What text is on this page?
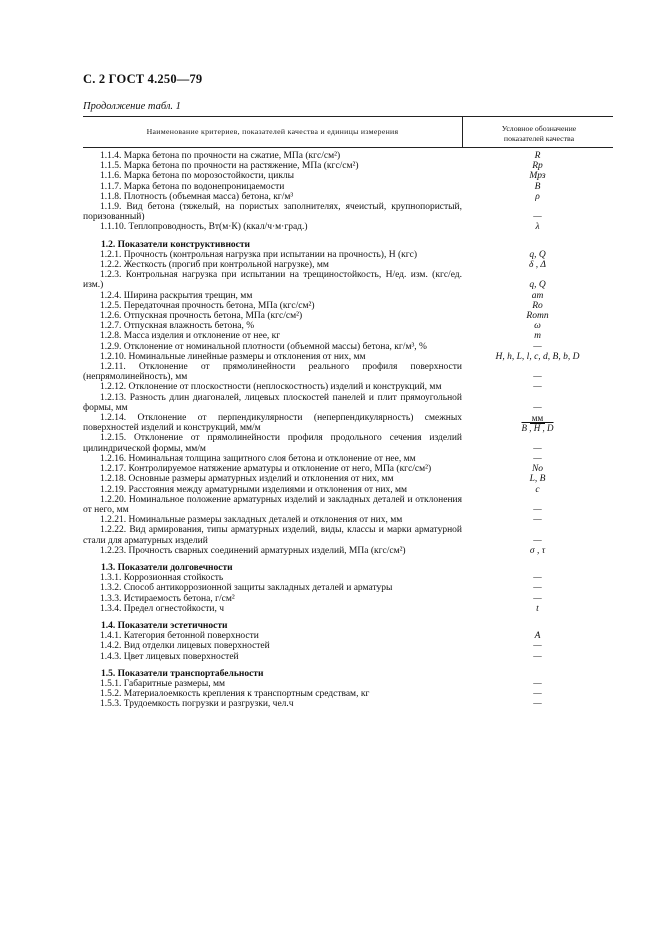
С. 2 ГОСТ 4.250—79
Продолжение табл. 1
Наименование критериев, показателей качества и единицы измерения	Условное обозначение
показателей качества
1.1.4. Марка бетона по прочности на сжатие, МПа (кгс/см²)	R
1.1.5. Марка бетона по прочности на растяжение, МПа (кгс/см²)	Rр
1.1.6. Марка бетона по морозостойкости, циклы	Мрз
1.1.7. Марка бетона по водонепроницаемости	В
1.1.8. Плотность (объемная масса) бетона, кг/м³	ρ
1.1.9. Вид бетона (тяжелый, на пористых заполнителях, ячеистый, крупнопористый, поризованный)	—
1.1.10. Теплопроводность, Вт(м·К) (ккал/ч·м·град.)	λ
1.2. Показатели конструктивности
1.2.1. Прочность (контрольная нагрузка при испытании на прочность), Н (кгс)	q, Q
1.2.2. Жесткость (прогиб при контрольной нагрузке), мм	δ , Δ
1.2.3. Контрольная нагрузка при испытании на трещиностойкость, Н/ед. изм. (кгс/ед. изм.)	q, Q
1.2.4. Ширина раскрытия трещин, мм	aт
1.2.5. Передаточная прочность бетона, МПа (кгс/см²)	Rо
1.2.6. Отпускная прочность бетона, МПа (кгс/см²)	Rотп
1.2.7. Отпускная влажность бетона, %	ω
1.2.8. Масса изделия и отклонение от нее, кг	m
1.2.9. Отклонение от номинальной плотности (объемной массы) бетона, кг/м³, %	—
1.2.10. Номинальные линейные размеры и отклонения от них, мм	H, h, L, l, c, d, B, b, D
1.2.11. Отклонение от прямолинейности реального профиля поверхности (непрямолинейность), мм	—
1.2.12. Отклонение от плоскостности (неплоскостность) изделий и конструкций, мм	—
1.2.13. Разность длин диагоналей, лицевых плоскостей панелей и плит прямоугольной формы, мм	—
1.2.14. Отклонение от перпендикулярности (неперпендикулярность) смежных поверхностей изделий и конструкций, мм/м	$\frac{мм}{B , H , D}$
1.2.15. Отклонение от прямолинейности профиля продольного сечения изделий цилиндрической формы, мм/м	—
1.2.16. Номинальная толщина защитного слоя бетона и отклонение от нее, мм	—
1.2.17. Контролируемое натяжение арматуры и отклонение от него, МПа (кгс/см²)	Nо
1.2.18. Основные размеры арматурных изделий и отклонения от них, мм	L, B
1.2.19. Расстояния между арматурными изделиями и отклонения от них, мм	c
1.2.20. Номинальное положение арматурных изделий и закладных деталей и отклонения от него, мм	—
1.2.21. Номинальные размеры закладных деталей и отклонения от них, мм	—
1.2.22. Вид армирования, типы арматурных изделий, виды, классы и марки арматурной стали для арматурных изделий	—
1.2.23. Прочность сварных соединений арматурных изделий, МПа (кгс/см²)	σ , τ
1.3. Показатели долговечности
1.3.1. Коррозионная стойкость	—
1.3.2. Способ антикоррозионной защиты закладных деталей и арматуры	—
1.3.3. Истираемость бетона, г/см²	—
1.3.4. Предел огнестойкости, ч	t
1.4. Показатели эстетичности
1.4.1. Категория бетонной поверхности	A
1.4.2. Вид отделки лицевых поверхностей	—
1.4.3. Цвет лицевых поверхностей	—
1.5. Показатели транспортабельности
1.5.1. Габаритные размеры, мм	—
1.5.2. Материалоемкость крепления к транспортным средствам, кг	—
1.5.3. Трудоемкость погрузки и разгрузки, чел.ч	—
